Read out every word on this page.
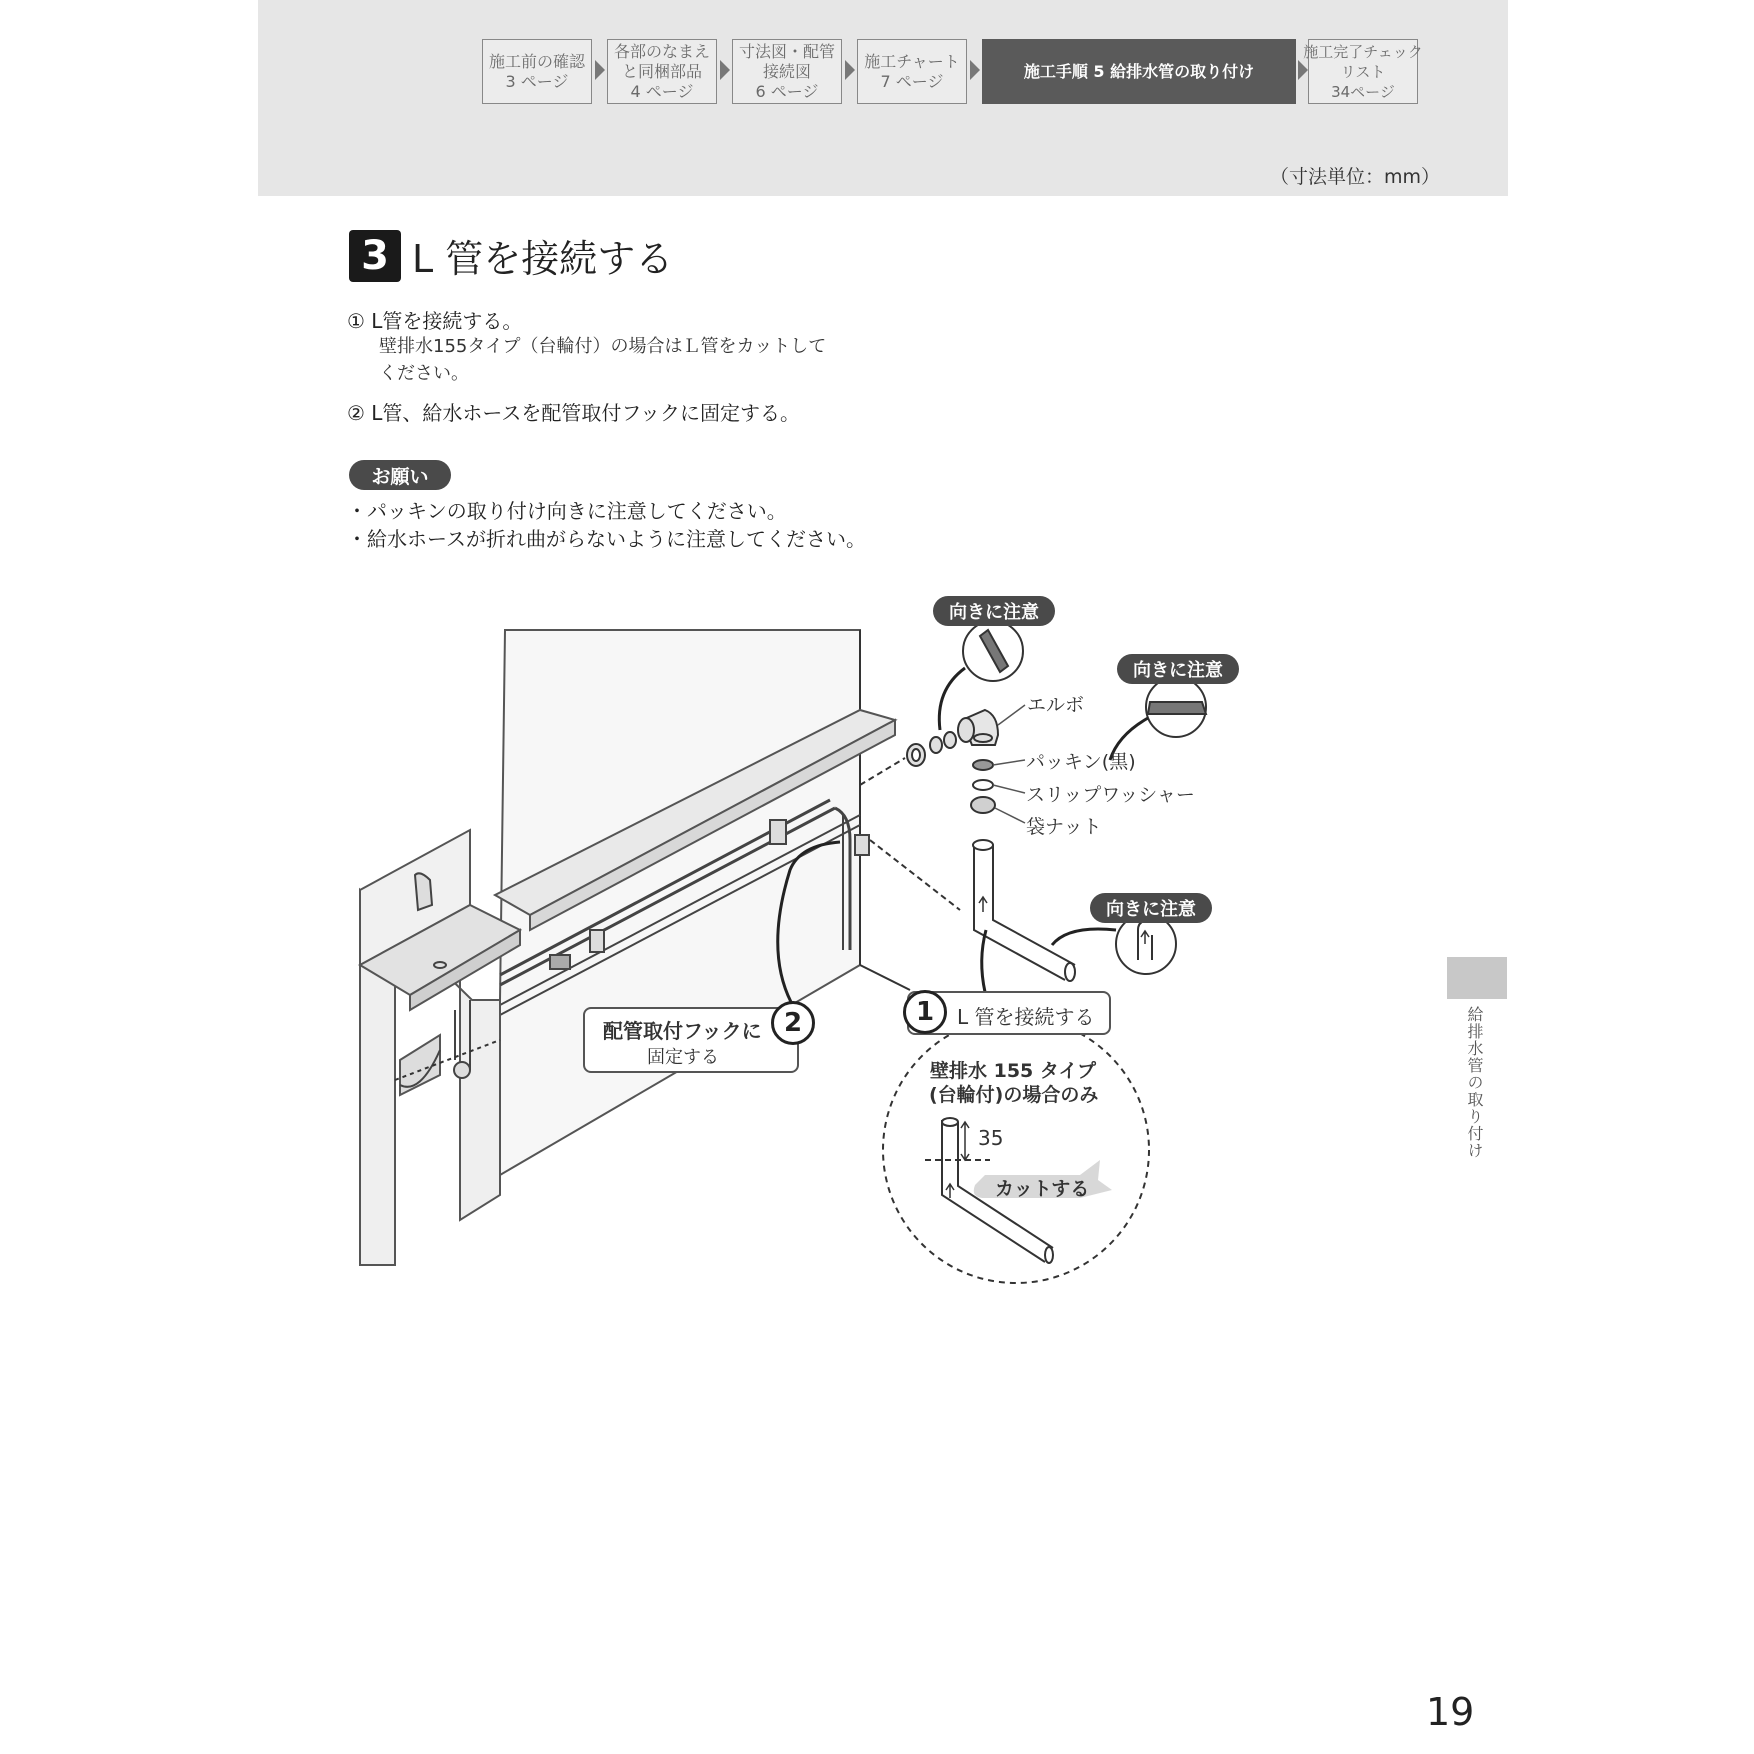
施工前の確認
3 ページ
各部のなまえ
と同梱部品
4 ページ
寸法図・配管
接続図
6 ページ
施工チャート
7 ページ
施工手順 5 給排水管の取り付け
施工完了チェック
リスト
34ページ
（寸法単位：mm）
3 L 管を接続する
① L管を接続する。
壁排水155タイプ（台輪付）の場合はＬ管をカットして
ください。
② L管、給水ホースを配管取付フックに固定する。
お願い
・パッキンの取り付け向きに注意してください。
・給水ホースが折れ曲がらないように注意してください。
向きに注意
向きに注意
向きに注意
エルボ
パッキン(黒)
スリップワッシャー
袋ナット
L 管を接続する
1
配管取付フックに
固定する
2
壁排水 155 タイプ
(台輪付)の場合のみ
35
カットする
給排水管の取り付け
19
